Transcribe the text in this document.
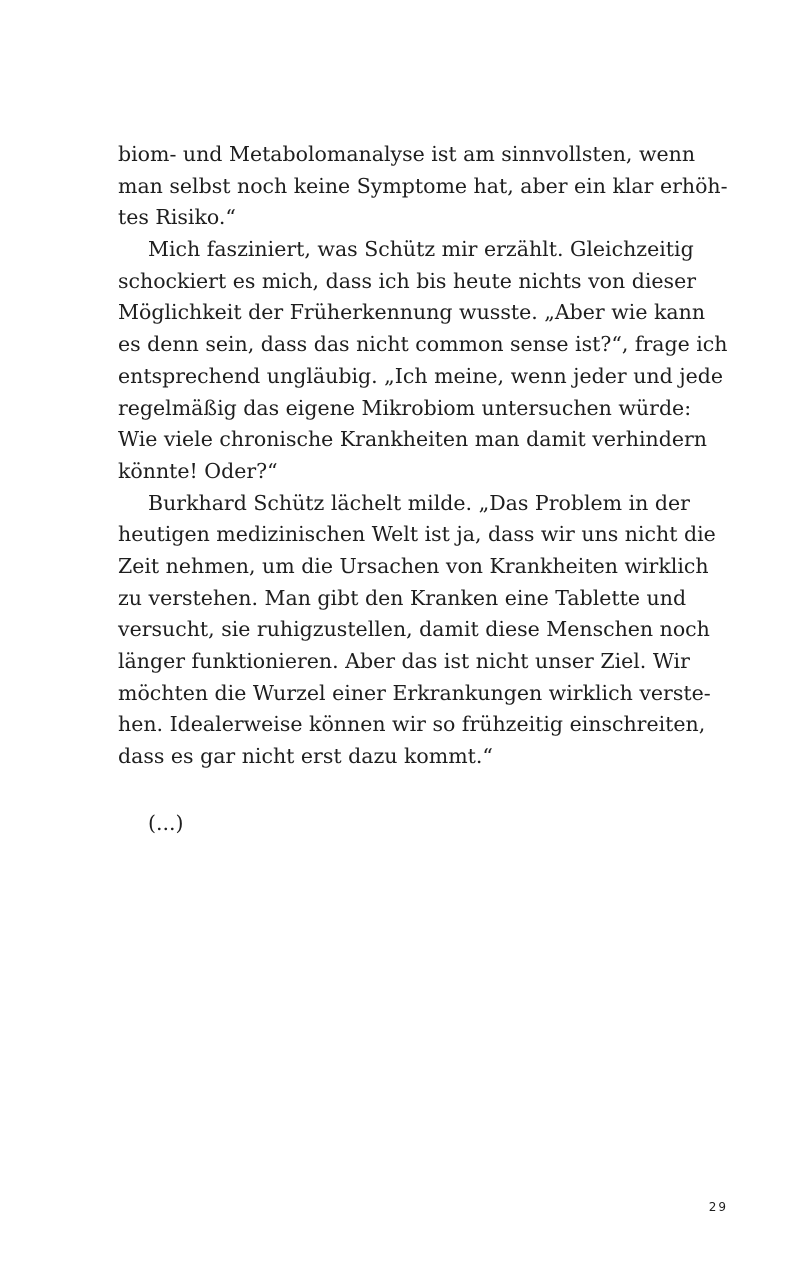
biom- und Metabolomanalyse ist am sinnvollsten, wenn
man selbst noch keine Symptome hat, aber ein klar erhöh-
tes Risiko.“

Mich fasziniert, was Schütz mir erzählt. Gleichzeitig
schockiert es mich, dass ich bis heute nichts von dieser
Möglichkeit der Früherkennung wusste. „Aber wie kann
es denn sein, dass das nicht common sense ist?“, frage ich
entsprechend ungläubig. „Ich meine, wenn jeder und jede
regelmäßig das eigene Mikrobiom untersuchen würde:
Wie viele chronische Krankheiten man damit verhindern
könnte! Oder?“

Burkhard Schütz lächelt milde. „Das Problem in der
heutigen medizinischen Welt ist ja, dass wir uns nicht die
Zeit nehmen, um die Ursachen von Krankheiten wirklich
zu verstehen. Man gibt den Kranken eine Tablette und
versucht, sie ruhigzustellen, damit diese Menschen noch
länger funktionieren. Aber das ist nicht unser Ziel. Wir
möchten die Wurzel einer Erkrankungen wirklich verste-
hen. Idealerweise können wir so frühzeitig einschreiten,
dass es gar nicht erst dazu kommt.“

(...)
29
